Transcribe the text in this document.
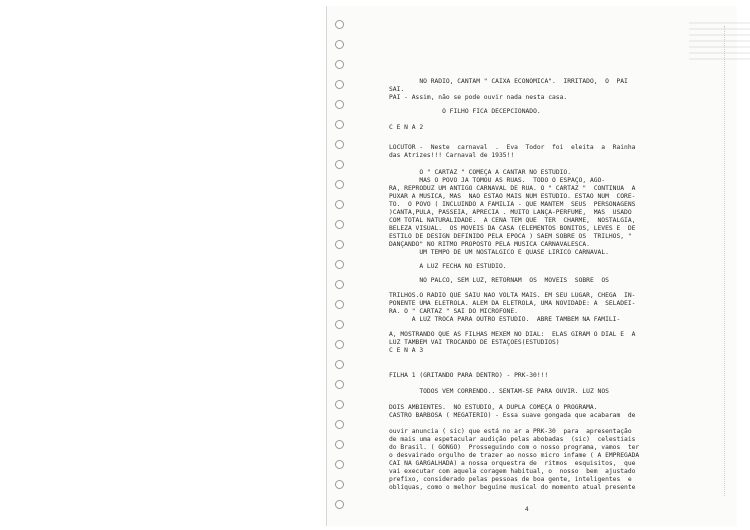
NO RADIO, CANTAM " CAIXA ECONOMICA".  IRRITADO,  O  PAI
SAI.
PAI - Assim, não se pode ouvir nada nesta casa.
O FILHO FICA DECEPCIONADO.
C E N A 2
LOCUTOR -  Neste  carnaval  .  Eva  Todor  foi  eleita  a  Rainha
das Atrizes!!! Carnaval de 1935!!
O " CARTAZ " COMEÇA A CANTAR NO ESTUDIO.
MAS O POVO JA TOMOU AS RUAS.  TODO O ESPAÇO, AGO-
RA, REPRODUZ UM ANTIGO CARNAVAL DE RUA. O " CARTAZ "  CONTINUA  A
PUXAR A MUSICA, MAS  NAO ESTAO MAIS NUM ESTUDIO. ESTAO NUM  CORE-
TO.  O POVO ( INCLUINDO A FAMILIA - QUE MANTEM  SEUS  PERSONAGENS
)CANTA,PULA, PASSEIA, APRECIA . MUITO LANÇA-PERFUME,  MAS  USADO
COM TOTAL NATURALIDADE.  A CENA TEM QUE  TER  CHARME,  NOSTALGIA,
BELEZA VISUAL.  OS MOVEIS DA CASA (ELEMENTOS BONITOS, LEVES E  DE
ESTILO DE DESIGN DEFINIDO PELA EPOCA ) SAEM SOBRE OS  TRILHOS, "
DANÇANDO" NO RITMO PROPOSTO PELA MUSICA CARNAVALESCA.
UM TEMPO DE UM NOSTALGICO E QUASE LIRICO CARNAVAL.
A LUZ FECHA NO ESTUDIO.
NO PALCO, SEM LUZ, RETORNAM  OS  MOVEIS  SOBRE  OS
TRILHOS.O RADIO QUE SAIU NAO VOLTA MAIS. EM SEU LUGAR, CHEGA  IN-
PONENTE UMA ELETROLA. ALEM DA ELETROLA, UMA NOVIDADE: A  SELADEI-
RA. O " CARTAZ " SAI DO MICROFONE.
A LUZ TROCA PARA OUTRO ESTUDIO.  ABRE TAMBEM NA FAMILI-
A, MOSTRANDO QUE AS FILHAS MEXEM NO DIAL:  ELAS GIRAM O DIAL E  A
LUZ TAMBEM VAI TROCANDO DE ESTAÇOES(ESTUDIOS)
C E N A 3
FILHA 1 (GRITANDO PARA DENTRO) - PRK-30!!!
TODOS VEM CORRENDO.. SENTAM-SE PARA OUVIR. LUZ NOS
DOIS AMBIENTES.  NO ESTUDIO, A DUPLA COMEÇA O PROGRAMA.
CASTRO BARBOSA ( MEGATERIO) - Essa suave gongada que acabaram  de
ouvir anuncia ( sic) que está no ar a PRK-30  para  apresentação
de mais uma espetacular audição pelas abobadas  (sic)  celestiais
do Brasil. ( GONGO)  Prosseguindo com o nosso programa, vamos  ter
o desvairado orgulho de trazer ao nosso micro infame ( A EMPREGADA
CAI NA GARGALHADA) a nossa orquestra de  ritmos  esquisitos,  que
vai executar com aquela coragem habitual, o  nosso  bem  ajustado
prefixo, considerado pelas pessoas de boa gente, inteligentes  e
oblíquas, como o melhor beguine musical do momento atual presente
4
